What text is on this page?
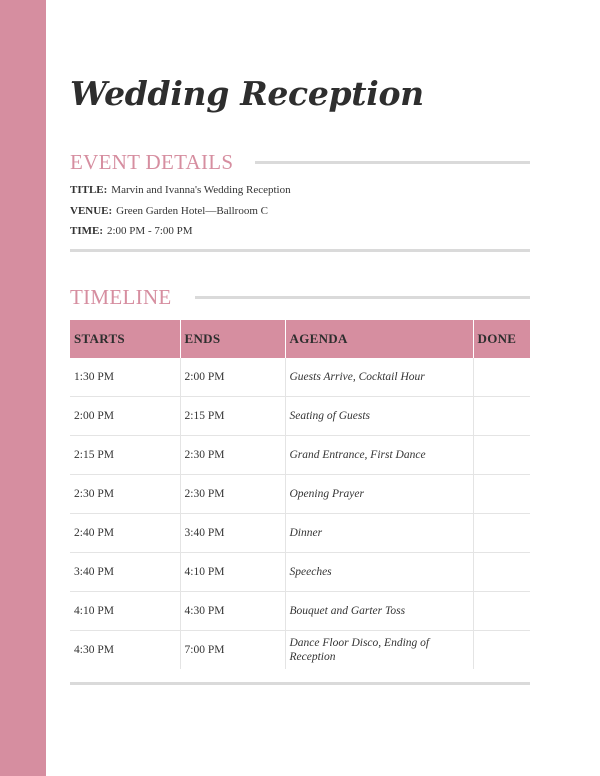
Wedding Reception
EVENT DETAILS
TITLE: Marvin and Ivanna's Wedding Reception
VENUE: Green Garden Hotel—Ballroom C
TIME: 2:00 PM - 7:00 PM
TIMELINE
STARTS	ENDS	AGENDA	DONE
1:30 PM	2:00 PM	Guests Arrive, Cocktail Hour	
2:00 PM	2:15 PM	Seating of Guests	
2:15 PM	2:30 PM	Grand Entrance, First Dance	
2:30 PM	2:30 PM	Opening Prayer	
2:40 PM	3:40 PM	Dinner	
3:40 PM	4:10 PM	Speeches	
4:10 PM	4:30 PM	Bouquet and Garter Toss	
4:30 PM	7:00 PM	Dance Floor Disco, Ending of Reception	
